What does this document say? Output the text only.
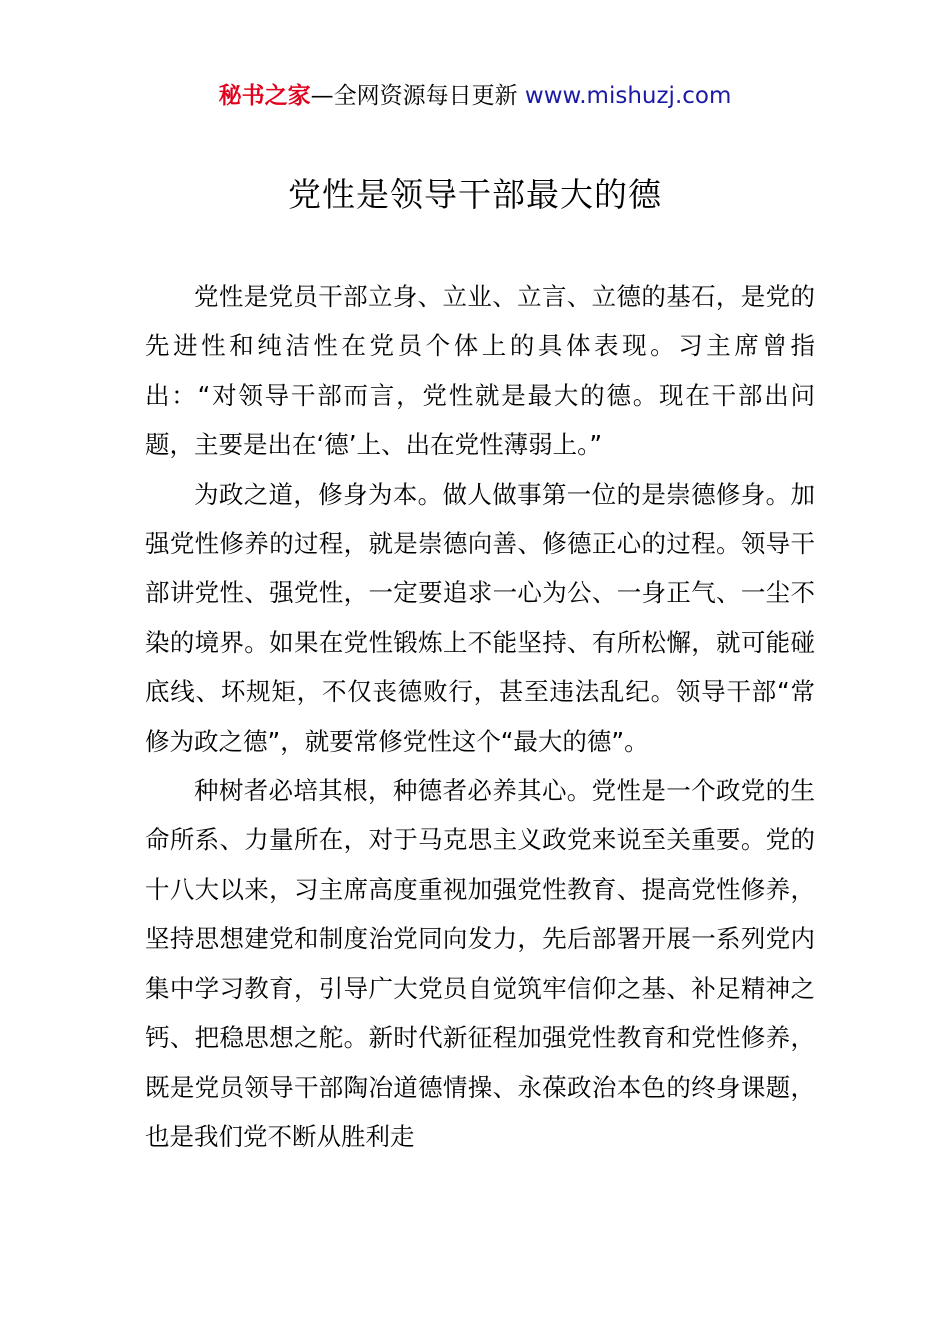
秘书之家—全网资源每日更新 www.mishuzj.com
党性是领导干部最大的德

党性是党员干部立身、立业、立言、立德的基石，是党的先进性和纯洁性在党员个体上的具体表现。习主席曾指出：“对领导干部而言，党性就是最大的德。现在干部出问题，主要是出在‘德’上、出在党性薄弱上。”

为政之道，修身为本。做人做事第一位的是崇德修身。加强党性修养的过程，就是崇德向善、修德正心的过程。领导干部讲党性、强党性，一定要追求一心为公、一身正气、一尘不染的境界。如果在党性锻炼上不能坚持、有所松懈，就可能碰底线、坏规矩，不仅丧德败行，甚至违法乱纪。领导干部“常修为政之德”，就要常修党性这个“最大的德”。

种树者必培其根，种德者必养其心。党性是一个政党的生命所系、力量所在，对于马克思主义政党来说至关重要。党的十八大以来，习主席高度重视加强党性教育、提高党性修养，坚持思想建党和制度治党同向发力，先后部署开展一系列党内集中学习教育，引导广大党员自觉筑牢信仰之基、补足精神之钙、把稳思想之舵。新时代新征程加强党性教育和党性修养，既是党员领导干部陶冶道德情操、永葆政治本色的终身课题，也是我们党不断从胜利走
